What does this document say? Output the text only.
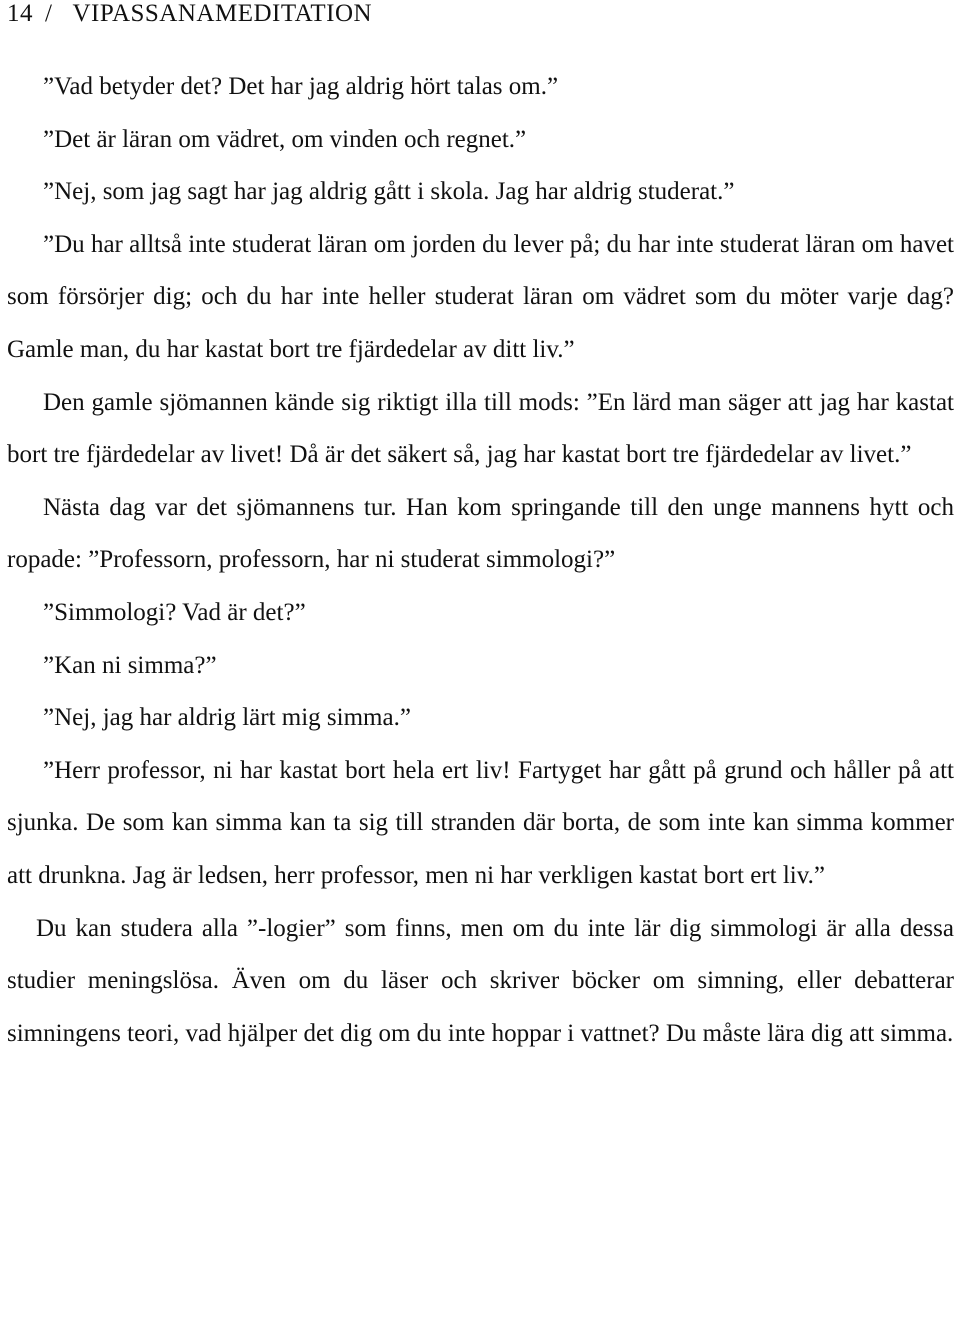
14 / VIPASSANAMEDITATION

”Vad betyder det? Det har jag aldrig hört talas om.”

”Det är läran om vädret, om vinden och regnet.”

”Nej, som jag sagt har jag aldrig gått i skola. Jag har aldrig studerat.”

”Du har alltså inte studerat läran om jorden du lever på; du har inte studerat läran om havet som försörjer dig; och du har inte heller studerat läran om vädret som du möter varje dag? Gamle man, du har kastat bort tre fjärdedelar av ditt liv.”

Den gamle sjömannen kände sig riktigt illa till mods: ”En lärd man säger att jag har kastat bort tre fjärdedelar av livet! Då är det säkert så, jag har kastat bort tre fjärdedelar av livet.”

Nästa dag var det sjömannens tur. Han kom springande till den unge mannens hytt och ropade: ”Professorn, professorn, har ni studerat simmologi?”

”Simmologi? Vad är det?”

”Kan ni simma?”

”Nej, jag har aldrig lärt mig simma.”

”Herr professor, ni har kastat bort hela ert liv! Fartyget har gått på grund och håller på att sjunka. De som kan simma kan ta sig till stranden där borta, de som inte kan simma kommer att drunkna. Jag är ledsen, herr professor, men ni har verkligen kastat bort ert liv.”

Du kan studera alla ”-logier” som finns, men om du inte lär dig simmologi är alla dessa studier meningslösa. Även om du läser och skriver böcker om simning, eller debatterar simningens teori, vad hjälper det dig om du inte hoppar i vattnet? Du måste lära dig att simma.
